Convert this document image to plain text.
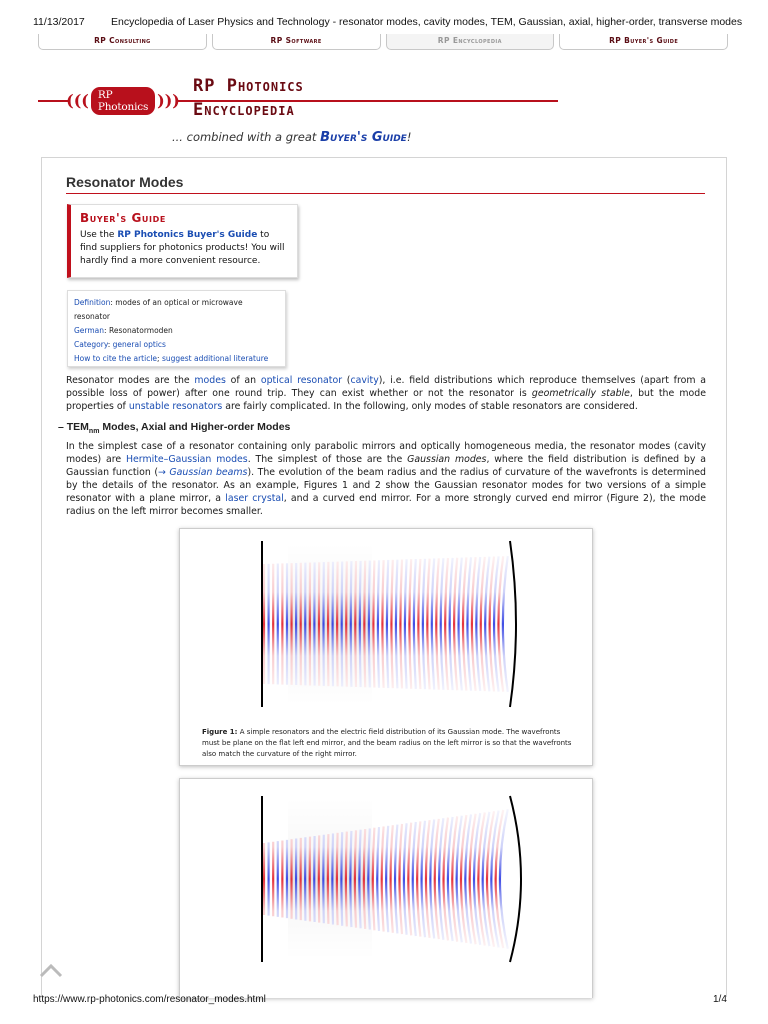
11/13/2017 Encyclopedia of Laser Physics and Technology - resonator modes, cavity modes, TEM, Gaussian, axial, higher-order, transverse modes
RP Consulting	RP Software	RP Encyclopedia	RP Buyer's Guide
((( RP Photonics )))
RP Photonics
Encyclopedia
... combined with a great Buyer's Guide!
Resonator Modes
Buyer's Guide
Use the RP Photonics Buyer's Guide to find suppliers for photonics products! You will hardly find a more convenient resource.
Definition: modes of an optical or microwave resonator
German: Resonatormoden
Category: general optics
How to cite the article; suggest additional literature

Resonator modes are the modes of an optical resonator (cavity), i.e. field distributions which reproduce themselves (apart from a possible loss of power) after one round trip. They can exist whether or not the resonator is geometrically stable, but the mode properties of unstable resonators are fairly complicated. In the following, only modes of stable resonators are considered.

– $TEM_{nm}$ Modes, Axial and Higher-order Modes

In the simplest case of a resonator containing only parabolic mirrors and optically homogeneous media, the resonator modes (cavity modes) are Hermite–Gaussian modes. The simplest of those are the Gaussian modes, where the field distribution is defined by a Gaussian function (→ Gaussian beams). The evolution of the beam radius and the radius of curvature of the wavefronts is determined by the details of the resonator. As an example, Figures 1 and 2 show the Gaussian resonator modes for two versions of a simple resonator with a plane mirror, a laser crystal, and a curved end mirror. For a more strongly curved end mirror (Figure 2), the mode radius on the left mirror becomes smaller.

Figure 1: A simple resonators and the electric field distribution of its Gaussian mode. The wavefronts must be plane on the flat left end mirror, and the beam radius on the left mirror is so that the wavefronts also match the curvature of the right mirror.
https://www.rp-photonics.com/resonator_modes.html	1/4
